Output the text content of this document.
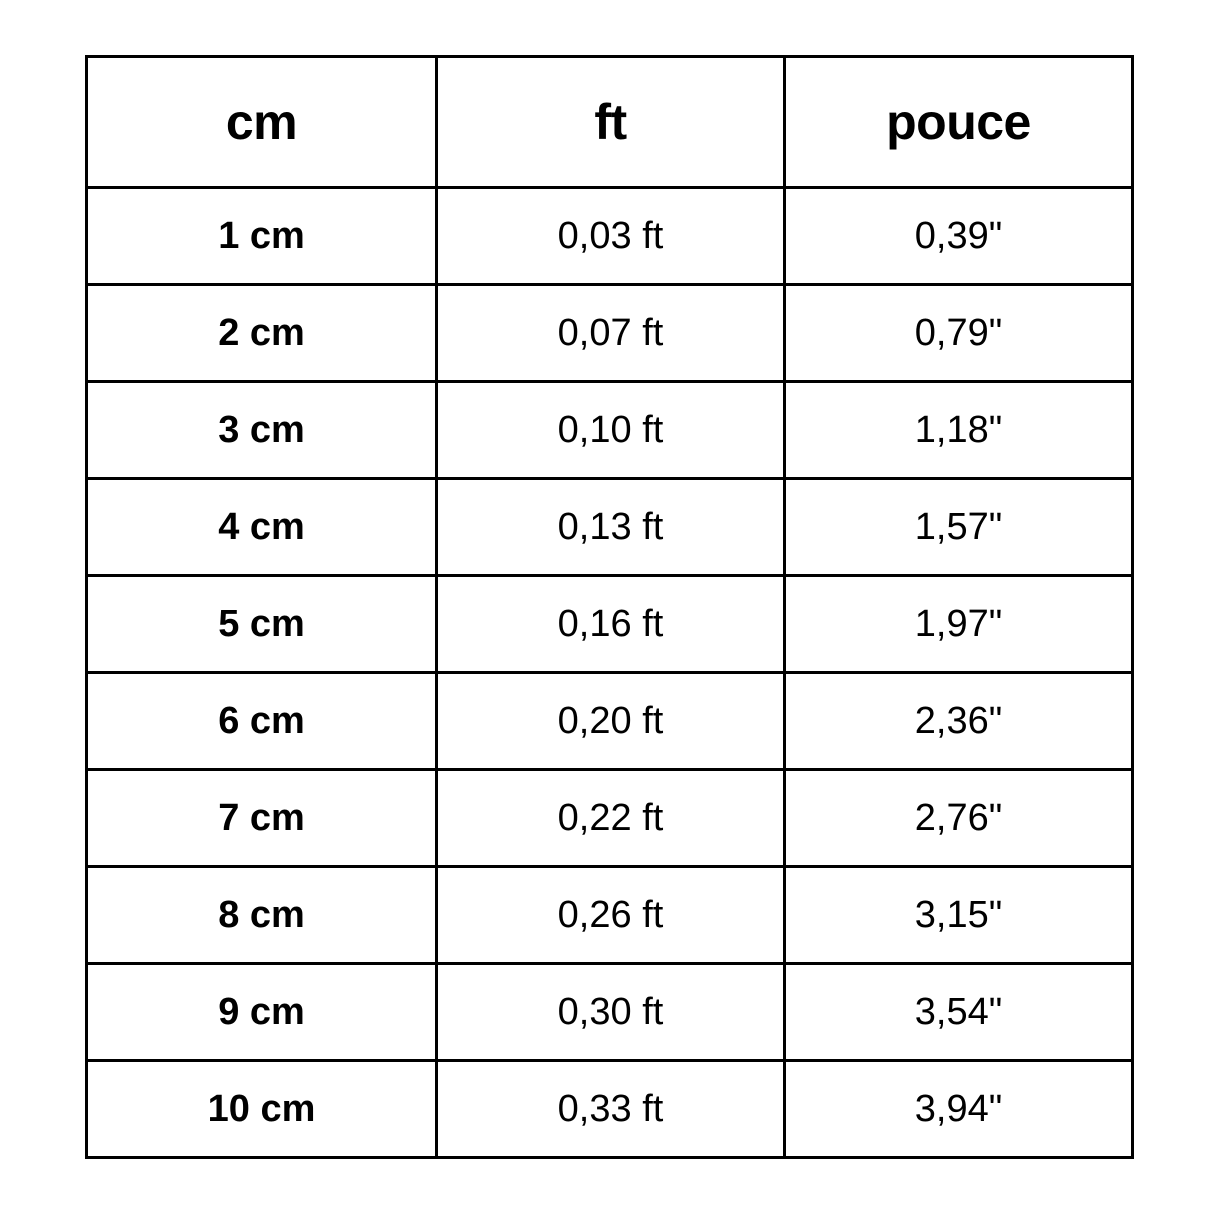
cm	ft	pouce
1 cm	0,03 ft	0,39"
2 cm	0,07 ft	0,79"
3 cm	0,10 ft	1,18"
4 cm	0,13 ft	1,57"
5 cm	0,16 ft	1,97"
6 cm	0,20 ft	2,36"
7 cm	0,22 ft	2,76"
8 cm	0,26 ft	3,15"
9 cm	0,30 ft	3,54"
10 cm	0,33 ft	3,94"
